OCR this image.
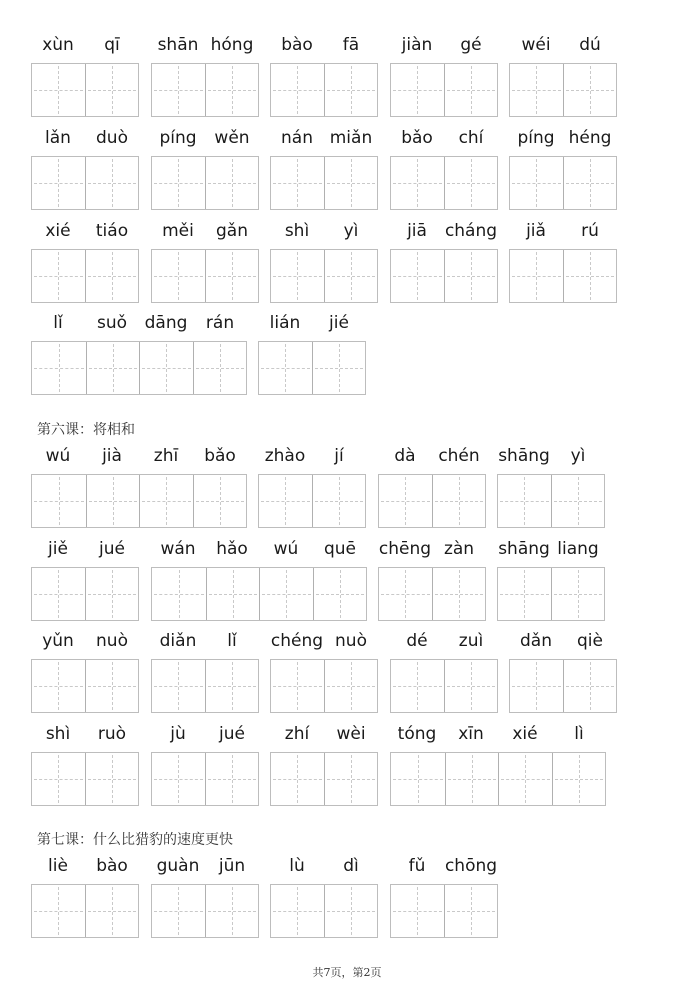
xùn	qī	shān hóng	bào	fā	jiàn	gé	wéi	dú
lǎn	duò	píng	wěn	nán miǎn	bǎo	chí	píng héng
xié	tiáo	měi	gǎn	shì	yì	jiā	cháng	jiǎ	rú
lǐ	suǒ	dāng	rán	lián	jié
第六课：将相和
wú	jià	zhī	bǎo	zhào	jí	dà	chén	shāng	yì
jiě	jué	wán	hǎo	wú	quē	chēng zàn	shāng liang
yǔn	nuò	diǎn	lǐ	chéng nuò	dé	zuì	dǎn	qiè
shì	ruò	jù	jué	zhí	wèi	tóng	xīn	xié	lì
第七课：什么比猎豹的速度更快
liè	bào	guàn	jūn	lù	dì	fǔ	chōng
共7页，第2页
